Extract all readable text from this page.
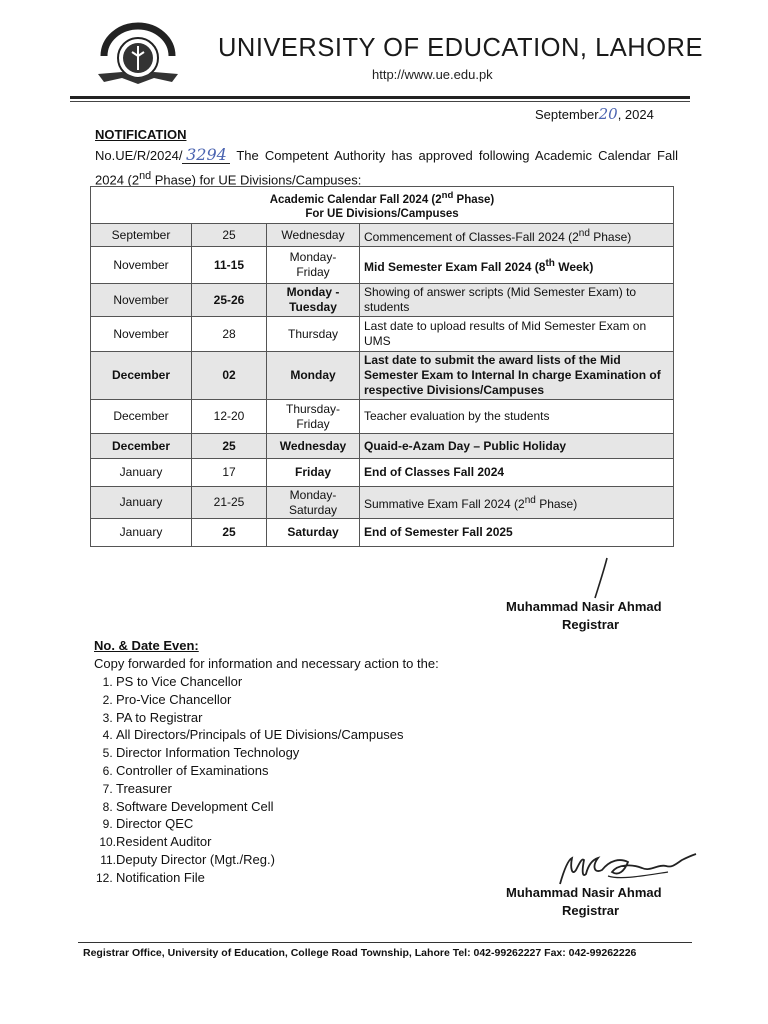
UNIVERSITY OF EDUCATION, LAHORE
http://www.ue.edu.pk
September20, 2024
NOTIFICATION
No.UE/R/2024/ 3294 The Competent Authority has approved following Academic Calendar Fall 2024 (2nd Phase) for UE Divisions/Campuses:
Academic Calendar Fall 2024 (2nd Phase)
For UE Divisions/Campuses			
September	25	Wednesday	Commencement of Classes-Fall 2024 (2nd Phase)
November	11-15	Monday-Friday	Mid Semester Exam Fall 2024 (8th Week)
November	25-26	Monday - Tuesday	Showing of answer scripts (Mid Semester Exam) to students
November	28	Thursday	Last date to upload results of Mid Semester Exam on UMS
December	02	Monday	Last date to submit the award lists of the Mid Semester Exam to Internal In charge Examination of respective Divisions/Campuses
December	12-20	Thursday-Friday	Teacher evaluation by the students
December	25	Wednesday	Quaid-e-Azam Day – Public Holiday
January	17	Friday	End of Classes Fall 2024
January	21-25	Monday-Saturday	Summative Exam Fall 2024 (2nd Phase)
January	25	Saturday	End of Semester Fall 2025
Muhammad Nasir Ahmad
Registrar
No. & Date Even:
Copy forwarded for information and necessary action to the:
1. PS to Vice Chancellor
2. Pro-Vice Chancellor
3. PA to Registrar
4. All Directors/Principals of UE Divisions/Campuses
5. Director Information Technology
6. Controller of Examinations
7. Treasurer
8. Software Development Cell
9. Director QEC
10.Resident Auditor
11.Deputy Director (Mgt./Reg.)
12. Notification File
Muhammad Nasir Ahmad
Registrar
Registrar Office, University of Education, College Road Township, Lahore Tel: 042-99262227 Fax: 042-99262226
